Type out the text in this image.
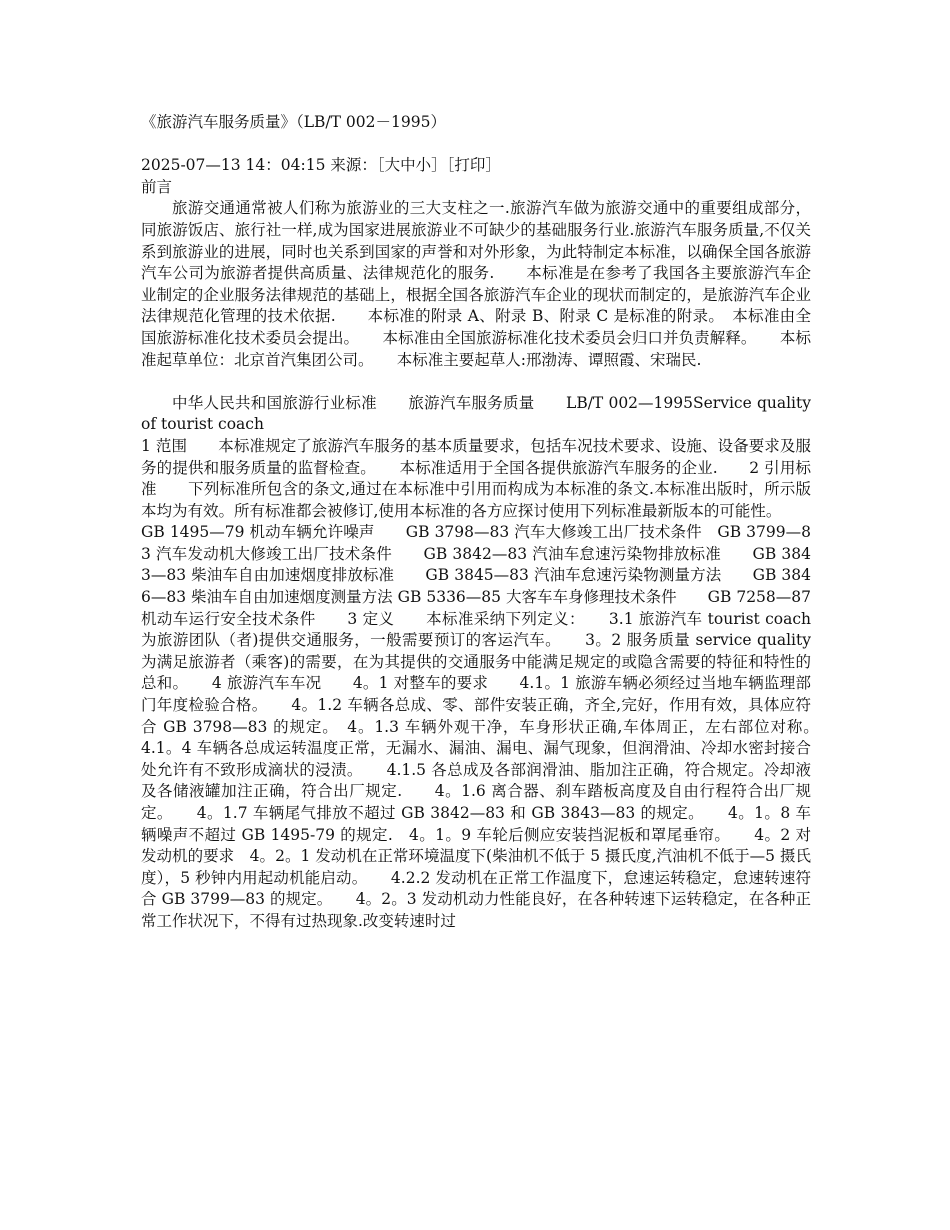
《旅游汽车服务质量》（LB/T 002－1995）

2025-07—13 14：04:15 来源：［大中小］［打印］

前言

旅游交通通常被人们称为旅游业的三大支柱之一.旅游汽车做为旅游交通中的重要组成部分，同旅游饭店、旅行社一样,成为国家进展旅游业不可缺少的基础服务行业.旅游汽车服务质量,不仅关系到旅游业的进展，同时也关系到国家的声誉和对外形象，为此特制定本标准，以确保全国各旅游汽车公司为旅游者提供高质量、法律规范化的服务.　　本标准是在参考了我国各主要旅游汽车企业制定的企业服务法律规范的基础上，根据全国各旅游汽车企业的现状而制定的，是旅游汽车企业法律规范化管理的技术依据.　　本标准的附录 A、附录 B、附录 C 是标准的附录。　本标准由全国旅游标准化技术委员会提出。　　本标准由全国旅游标准化技术委员会归口并负责解释。　　本标准起草单位：北京首汽集团公司。　　本标准主要起草人:邢渤涛、谭照霞、宋瑞民.

中华人民共和国旅游行业标准　　旅游汽车服务质量　　LB/T 002—1995Service quality of tourist coach

1 范围　　本标准规定了旅游汽车服务的基本质量要求，包括车况技术要求、设施、设备要求及服务的提供和服务质量的监督检查。　　本标准适用于全国各提供旅游汽车服务的企业.　　2 引用标准　　下列标准所包含的条文,通过在本标准中引用而构成为本标准的条文.本标准出版时，所示版本均为有效。所有标准都会被修订,使用本标准的各方应探讨使用下列标准最新版本的可能性。

GB 1495—79 机动车辆允许噪声　　GB 3798—83 汽车大修竣工出厂技术条件　GB 3799—83 汽车发动机大修竣工出厂技术条件　　GB 3842—83 汽油车怠速污染物排放标准　　GB 3843—83 柴油车自由加速烟度排放标准　　GB 3845—83 汽油车怠速污染物测量方法　　GB 3846—83 柴油车自由加速烟度测量方法 GB 5336—85 大客车车身修理技术条件　　GB 7258—87 机动车运行安全技术条件　　3 定义　　本标准采纳下列定义：　　3.1 旅游汽车 tourist coach　　为旅游团队（者)提供交通服务，一般需要预订的客运汽车。　　3。2 服务质量 service quality　为满足旅游者（乘客)的需要，在为其提供的交通服务中能满足规定的或隐含需要的特征和特性的总和。　　4 旅游汽车车况　　4。1 对整车的要求　　4.1。1 旅游车辆必须经过当地车辆监理部门年度检验合格。　　4。1.2 车辆各总成、零、部件安装正确，齐全,完好，作用有效，具体应符合 GB 3798—83 的规定。　4。1.3 车辆外观干净，车身形状正确,车体周正，左右部位对称。　　4.1。4 车辆各总成运转温度正常，无漏水、漏油、漏电、漏气现象，但润滑油、冷却水密封接合处允许有不致形成滴状的浸渍。　　4.1.5 各总成及各部润滑油、脂加注正确，符合规定。冷却液及各储液罐加注正确，符合出厂规定.　　4。1.6 离合器、刹车踏板高度及自由行程符合出厂规定。　　4。1.7 车辆尾气排放不超过 GB 3842—83 和 GB 3843—83 的规定。　　4。1。8 车辆噪声不超过 GB 1495-79 的规定.　4。1。9 车轮后侧应安装挡泥板和罩尾垂帘。　　4。2 对发动机的要求　4。2。1 发动机在正常环境温度下(柴油机不低于 5 摄氏度,汽油机不低于—5 摄氏度），5 秒钟内用起动机能启动。　　4.2.2 发动机在正常工作温度下，怠速运转稳定，怠速转速符合 GB 3799—83 的规定。　　4。2。3 发动机动力性能良好，在各种转速下运转稳定，在各种正常工作状况下，不得有过热现象.改变转速时过
